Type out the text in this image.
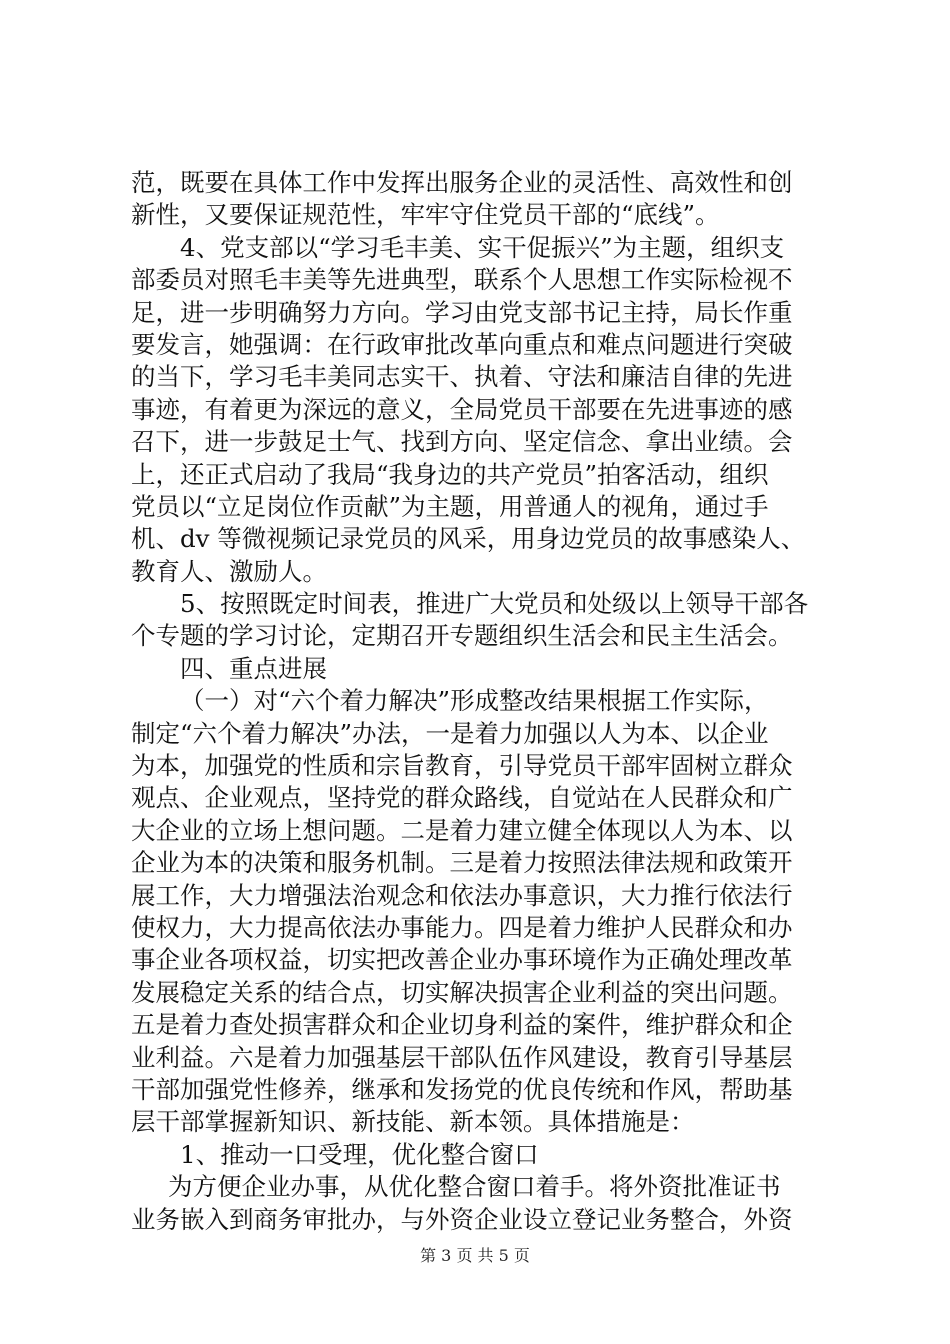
范，既要在具体工作中发挥出服务企业的灵活性、高效性和创
新性，又要保证规范性，牢牢守住党员干部的“底线”。
4、党支部以“学习毛丰美、实干促振兴”为主题，组织支
部委员对照毛丰美等先进典型，联系个人思想工作实际检视不
足，进一步明确努力方向。学习由党支部书记主持，局长作重
要发言，她强调：在行政审批改革向重点和难点问题进行突破
的当下，学习毛丰美同志实干、执着、守法和廉洁自律的先进
事迹，有着更为深远的意义，全局党员干部要在先进事迹的感
召下，进一步鼓足士气、找到方向、坚定信念、拿出业绩。会
上，还正式启动了我局“我身边的共产党员”拍客活动，组织
党员以“立足岗位作贡献”为主题，用普通人的视角，通过手
机、dv 等微视频记录党员的风采，用身边党员的故事感染人、
教育人、激励人。
5、按照既定时间表，推进广大党员和处级以上领导干部各
个专题的学习讨论，定期召开专题组织生活会和民主生活会。
四、重点进展
（一）对“六个着力解决”形成整改结果根据工作实际，
制定“六个着力解决”办法，一是着力加强以人为本、以企业
为本，加强党的性质和宗旨教育，引导党员干部牢固树立群众
观点、企业观点，坚持党的群众路线，自觉站在人民群众和广
大企业的立场上想问题。二是着力建立健全体现以人为本、以
企业为本的决策和服务机制。三是着力按照法律法规和政策开
展工作，大力增强法治观念和依法办事意识，大力推行依法行
使权力，大力提高依法办事能力。四是着力维护人民群众和办
事企业各项权益，切实把改善企业办事环境作为正确处理改革
发展稳定关系的结合点，切实解决损害企业利益的突出问题。
五是着力查处损害群众和企业切身利益的案件，维护群众和企
业利益。六是着力加强基层干部队伍作风建设，教育引导基层
干部加强党性修养，继承和发扬党的优良传统和作风，帮助基
层干部掌握新知识、新技能、新本领。具体措施是：
1、推动一口受理，优化整合窗口
为方便企业办事，从优化整合窗口着手。将外资批准证书
业务嵌入到商务审批办，与外资企业设立登记业务整合，外资
第 3 页 共 5 页
